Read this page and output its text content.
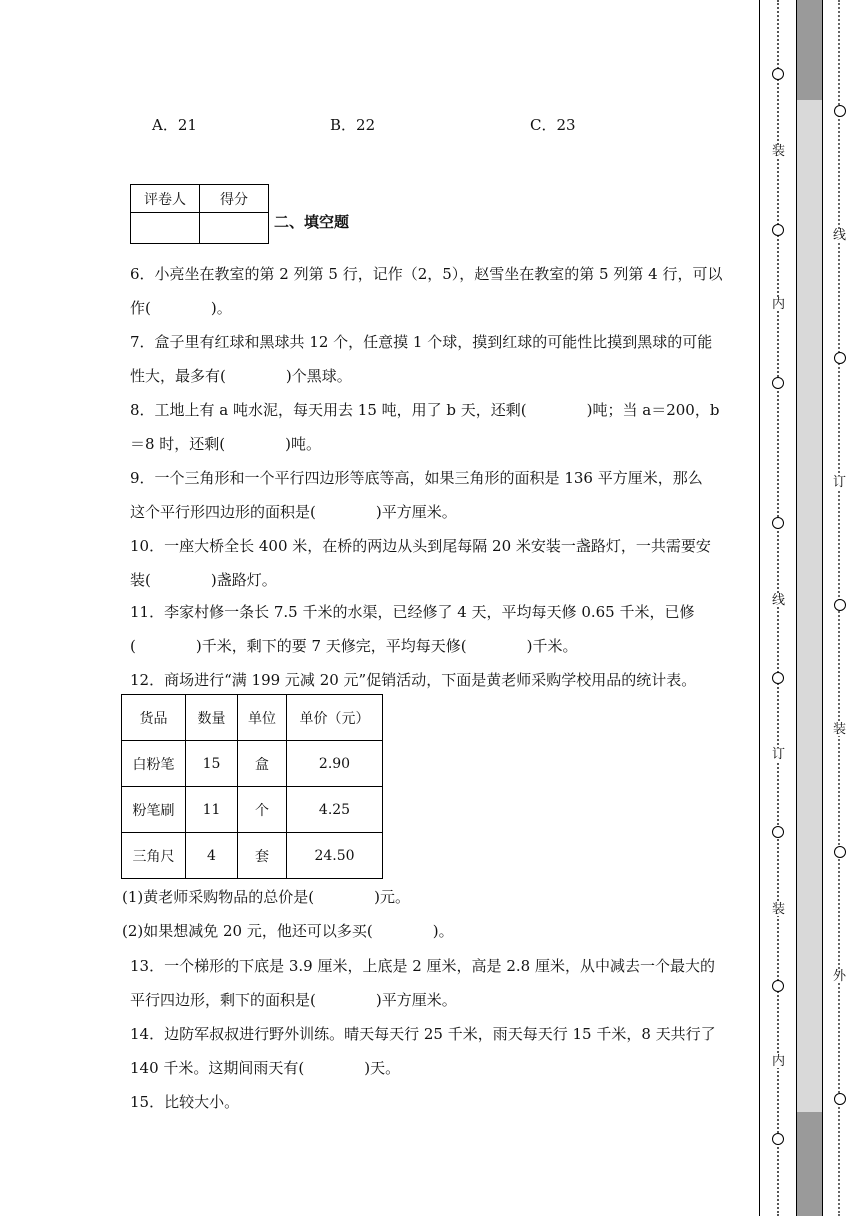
A．21	B．22	C．23
评卷人	得分

二、填空题
6．小亮坐在教室的第 2 列第 5 行，记作（2，5），赵雪坐在教室的第 5 列第 4 行，可以
作(　　　　)。
7．盒子里有红球和黑球共 12 个，任意摸 1 个球，摸到红球的可能性比摸到黑球的可能
性大，最多有(　　　　)个黑球。
8．工地上有 a 吨水泥，每天用去 15 吨，用了 b 天，还剩(　　　　)吨；当 a＝200，b
＝8 时，还剩(　　　　)吨。
9．一个三角形和一个平行四边形等底等高，如果三角形的面积是 136 平方厘米，那么
这个平行形四边形的面积是(　　　　)平方厘米。
10．一座大桥全长 400 米，在桥的两边从头到尾每隔 20 米安装一盏路灯，一共需要安
装(　　　　)盏路灯。
11．李家村修一条长 7.5 千米的水渠，已经修了 4 天，平均每天修 0.65 千米，已修
(　　　　)千米，剩下的要 7 天修完，平均每天修(　　　　)千米。
12．商场进行“满 199 元减 20 元”促销活动，下面是黄老师采购学校用品的统计表。
货品	数量	单位	单价（元）
白粉笔	15	盒	2.90
粉笔刷	11	个	4.25
三角尺	4	套	24.50
(1)黄老师采购物品的总价是(　　　　)元。
(2)如果想减免 20 元，他还可以多买(　　　　)。
13．一个梯形的下底是 3.9 厘米，上底是 2 厘米，高是 2.8 厘米，从中减去一个最大的
平行四边形，剩下的面积是(　　　　)平方厘米。
14．边防军叔叔进行野外训练。晴天每天行 25 千米，雨天每天行 15 千米，8 天共行了
140 千米。这期间雨天有(　　　　)天。
15．比较大小。
装
内
线
订
装
内
线
订
装
外
